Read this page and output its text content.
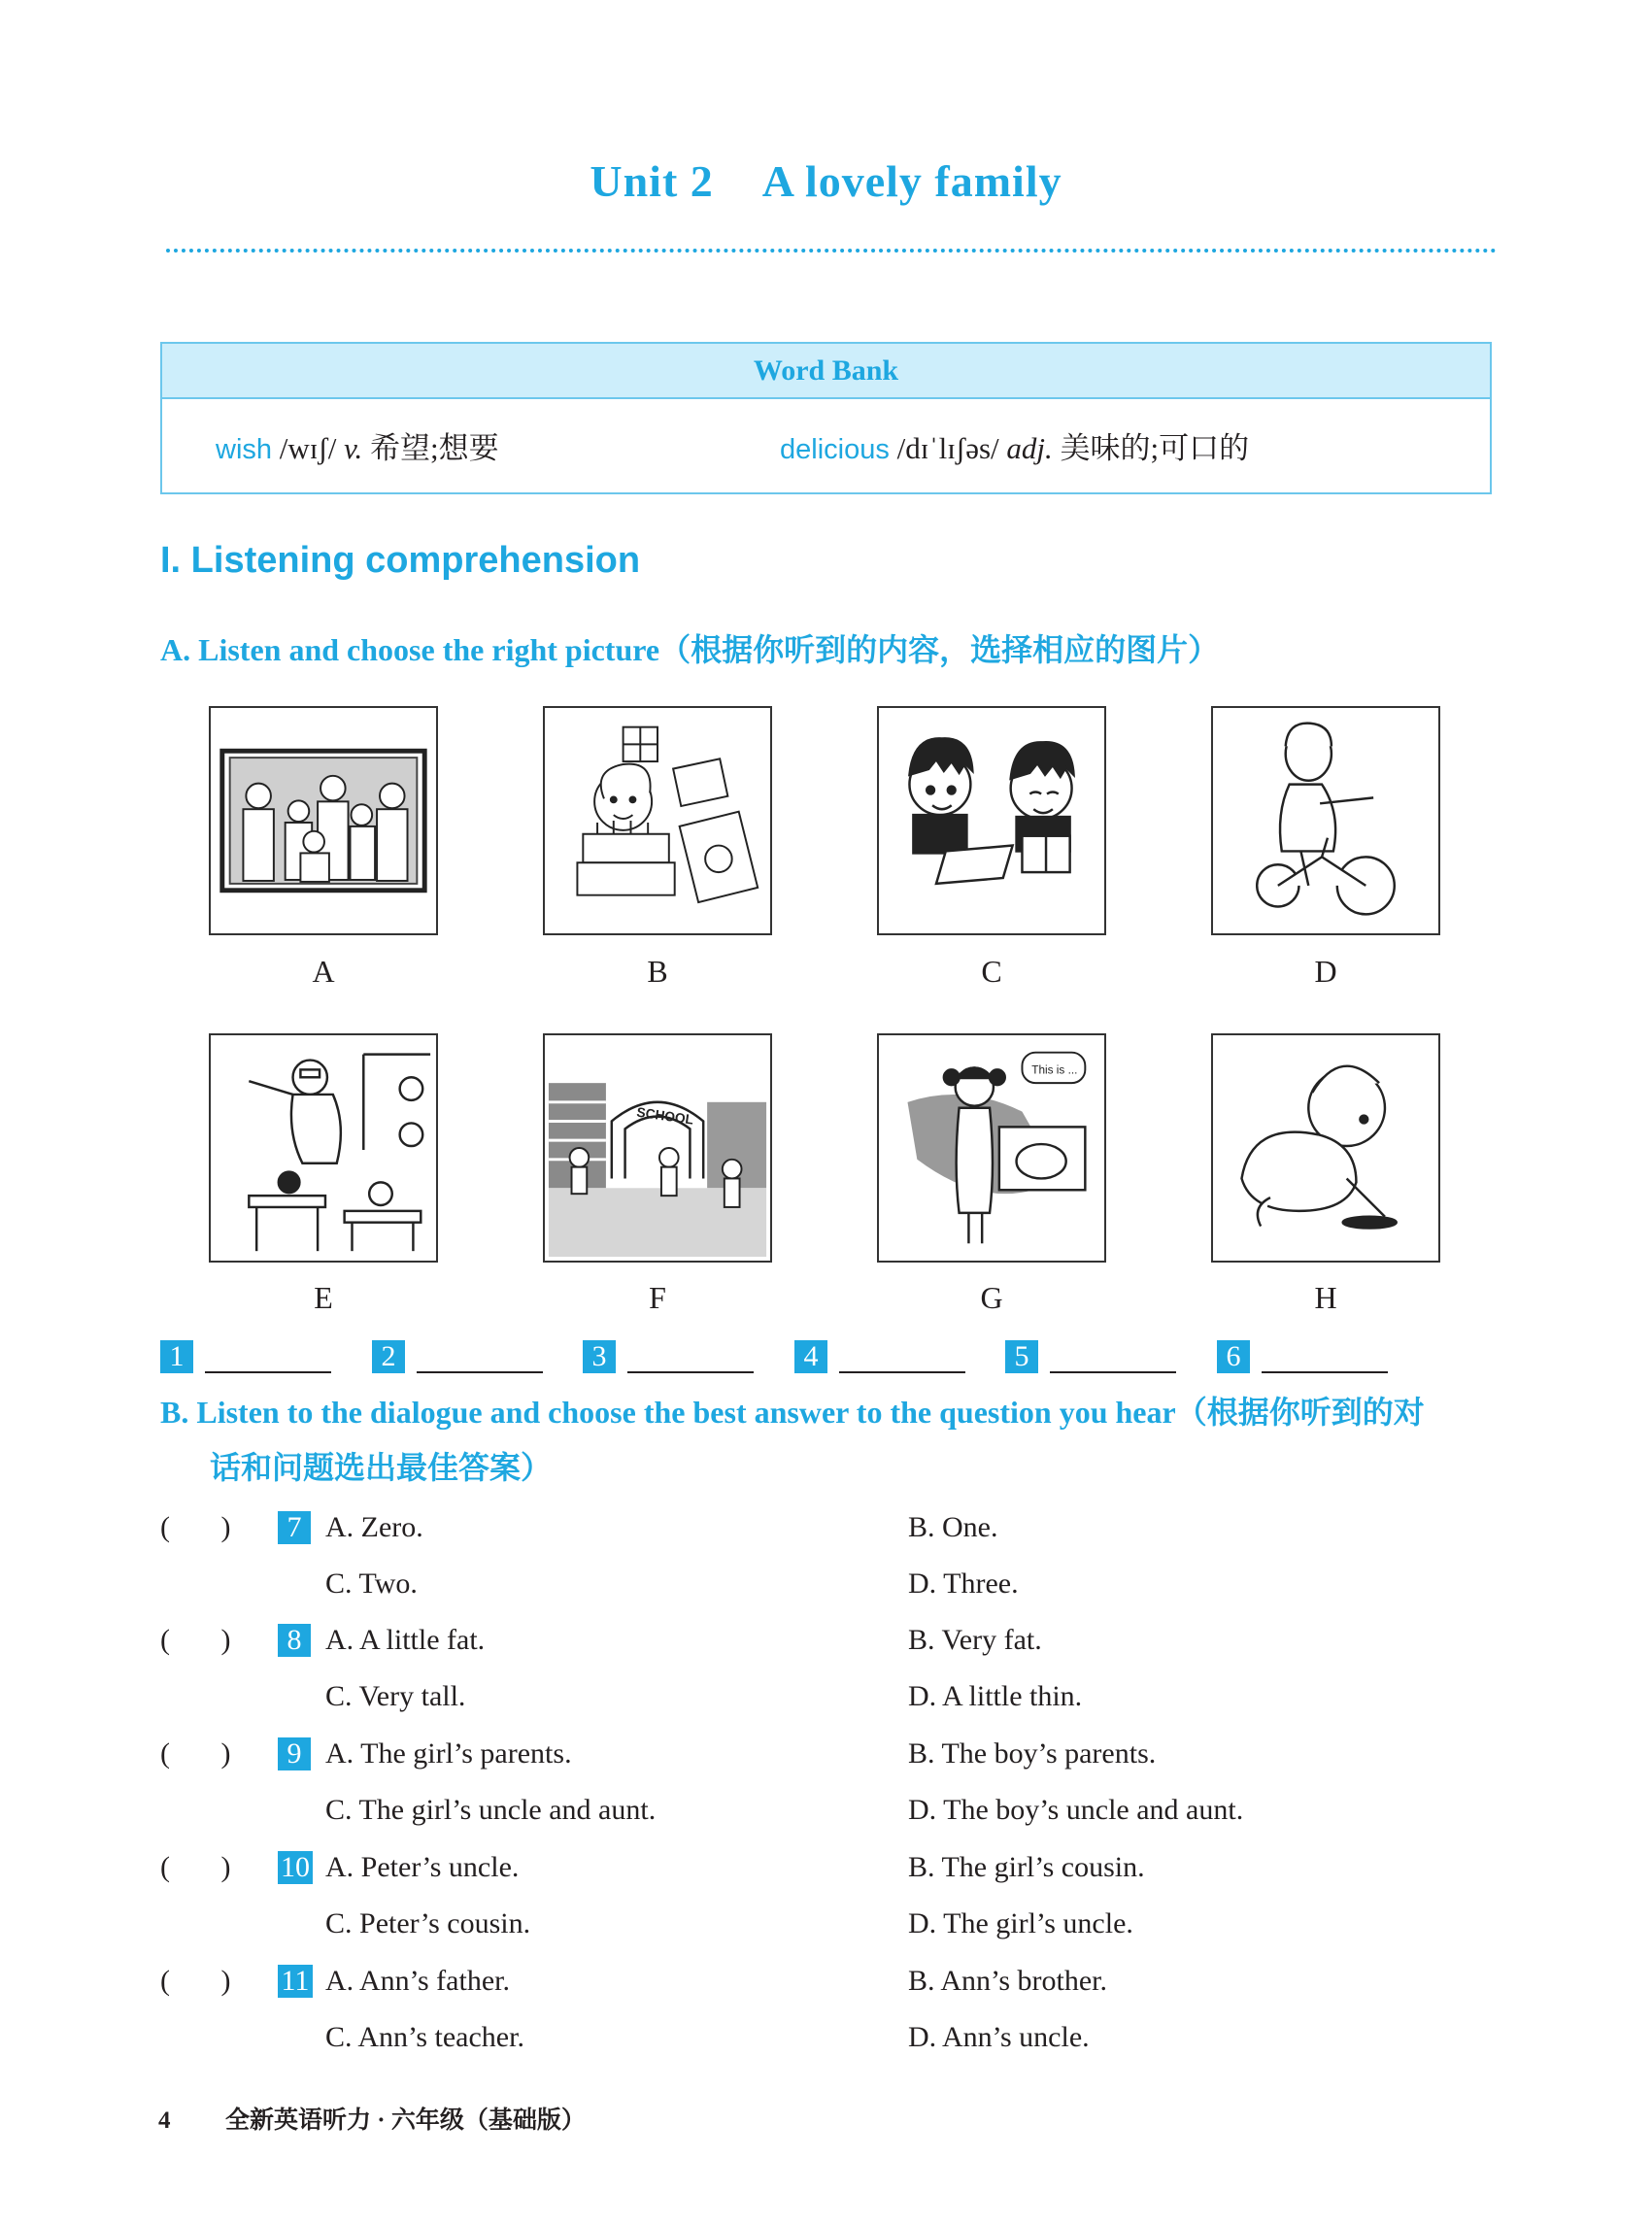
Unit 2 A lovely family
Word Bank
wish /wɪʃ/ v. 希望;想要	delicious /dɪˈlɪʃəs/ adj. 美味的;可口的
I. Listening comprehension
A. Listen and choose the right picture（根据你听到的内容，选择相应的图片）
A	B	C	D
SCHOOL
This is ...
E	F	G	H
1	2	3	4	5	6
B. Listen to the dialogue and choose the best answer to the question you hear（根据你听到的对
话和问题选出最佳答案）
(       )	7 A. Zero.	B. One.
C. Two.	D. Three.
(       )	8 A. A little fat.	B. Very fat.
C. Very tall.	D. A little thin.
(       )	9 A. The girl’s parents.	B. The boy’s parents.
C. The girl’s uncle and aunt.	D. The boy’s uncle and aunt.
(       ) 10 A. Peter’s uncle.	B. The girl’s cousin.
C. Peter’s cousin.	D. The girl’s uncle.
(       ) 11 A. Ann’s father.	B. Ann’s brother.
C. Ann’s teacher.	D. Ann’s uncle.
4 全新英语听力 · 六年级（基础版）
